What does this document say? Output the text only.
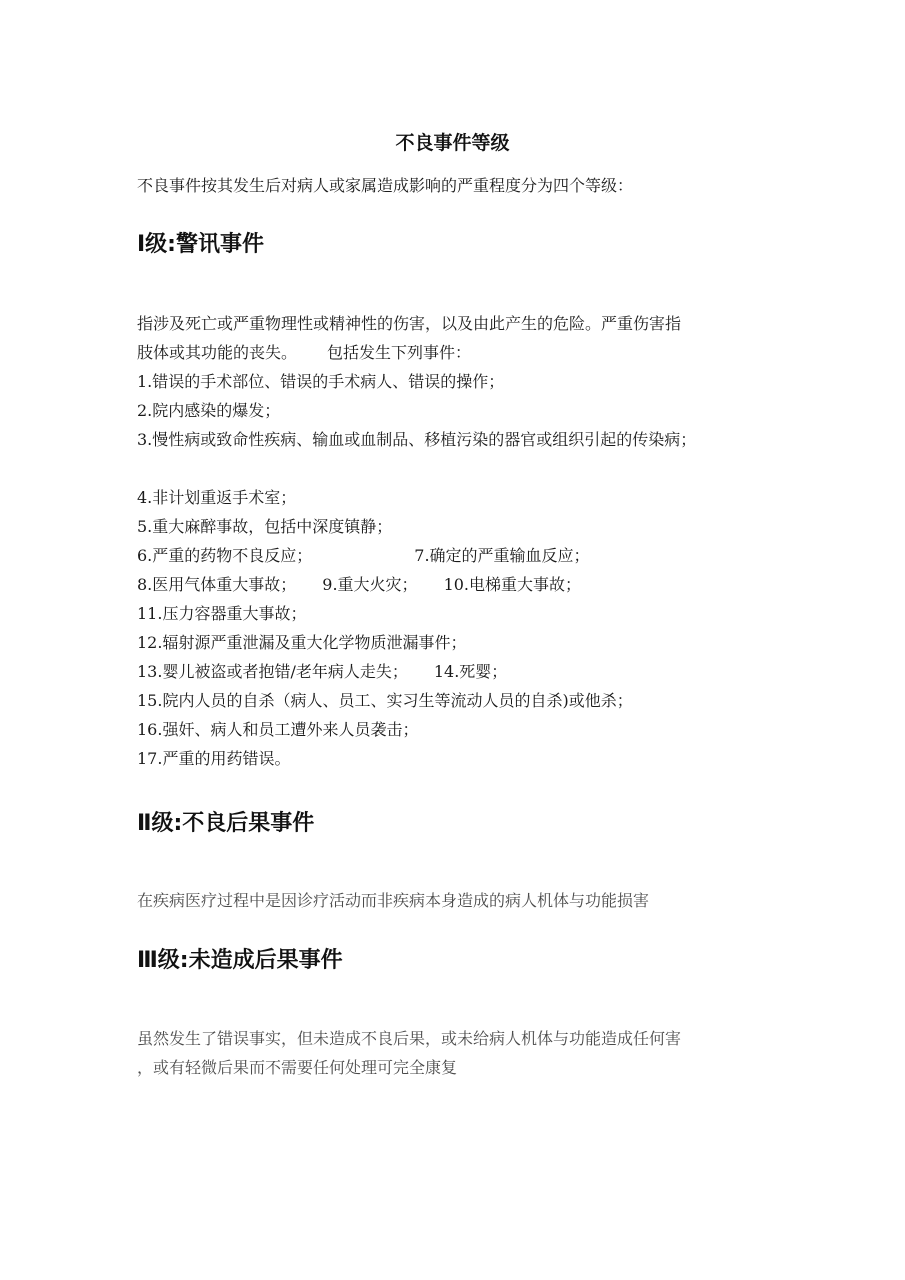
不良事件等级
不良事件按其发生后对病人或家属造成影响的严重程度分为四个等级：
Ⅰ级:警讯事件
指涉及死亡或严重物理性或精神性的伤害，以及由此产生的危险。严重伤害指
肢体或其功能的丧失。 包括发生下列事件：
1.错误的手术部位、错误的手术病人、错误的操作；
2.院内感染的爆发；
3.慢性病或致命性疾病、输血或血制品、移植污染的器官或组织引起的传染病；
4.非计划重返手术室；
5.重大麻醉事故，包括中深度镇静；
6.严重的药物不良反应；	7.确定的严重输血反应；
8.医用气体重大事故； 9.重大火灾； 10.电梯重大事故；
11.压力容器重大事故；
12.辐射源严重泄漏及重大化学物质泄漏事件；
13.婴儿被盗或者抱错/老年病人走失； 14.死婴；
15.院内人员的自杀（病人、员工、实习生等流动人员的自杀)或他杀；
16.强奸、病人和员工遭外来人员袭击；
17.严重的用药错误。
Ⅱ级:不良后果事件
在疾病医疗过程中是因诊疗活动而非疾病本身造成的病人机体与功能损害
Ⅲ级:未造成后果事件
虽然发生了错误事实，但未造成不良后果，或未给病人机体与功能造成任何害
，或有轻微后果而不需要任何处理可完全康复
